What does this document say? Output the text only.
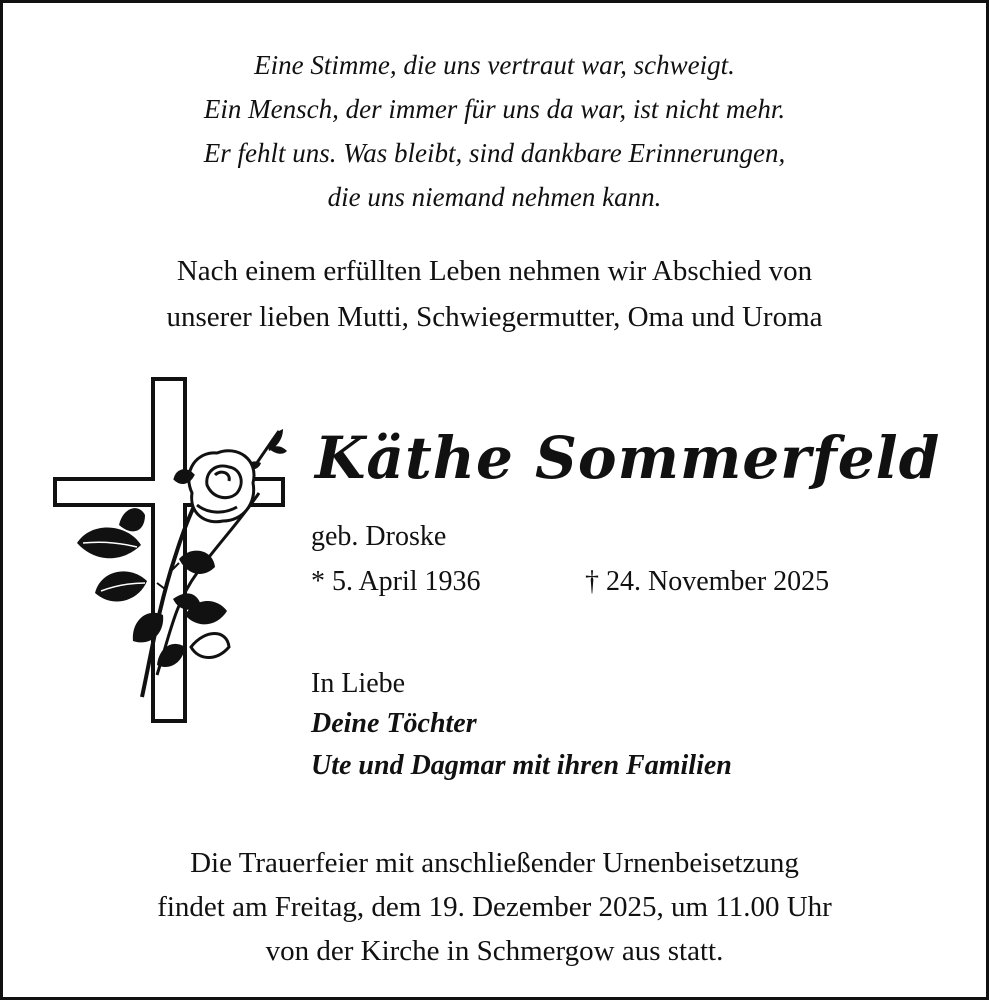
Eine Stimme, die uns vertraut war, schweigt.
Ein Mensch, der immer für uns da war, ist nicht mehr.
Er fehlt uns. Was bleibt, sind dankbare Erinnerungen,
die uns niemand nehmen kann.
Nach einem erfüllten Leben nehmen wir Abschied von
unserer lieben Mutti, Schwiegermutter, Oma und Uroma
Käthe Sommerfeld
geb. Droske
* 5. April 1936	† 24. November 2025
In Liebe
Deine Töchter
Ute und Dagmar mit ihren Familien
Die Trauerfeier mit anschließender Urnenbeisetzung
findet am Freitag, dem 19. Dezember 2025, um 11.00 Uhr
von der Kirche in Schmergow aus statt.
